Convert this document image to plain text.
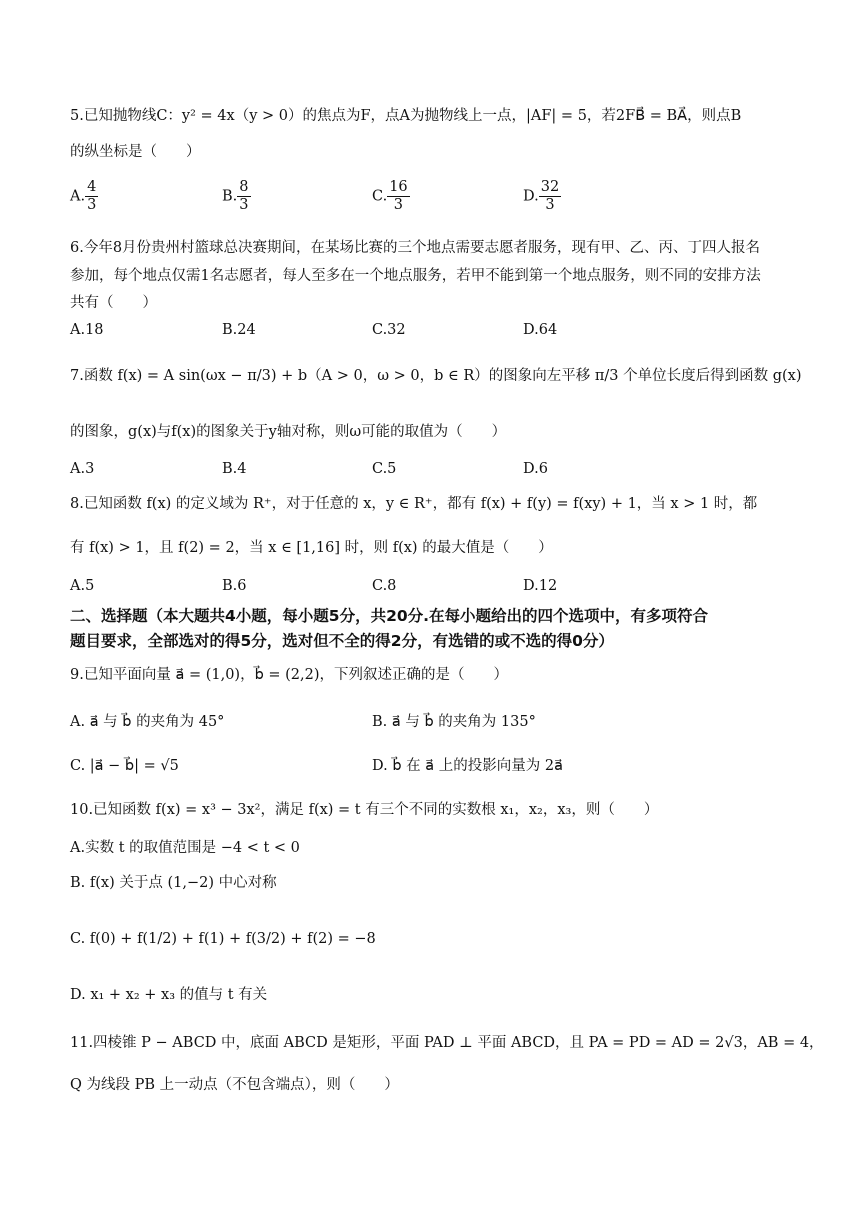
5.已知抛物线C：y² = 4x（y > 0）的焦点为F，点A为抛物线上一点，|AF| = 5，若2FB⃗ = BA⃗，则点B
的纵坐标是（　　）
A. $\frac{4}{3}$	B. $\frac{8}{3}$	C. $\frac{16}{3}$	D. $\frac{32}{3}$
6.今年8月份贵州村篮球总决赛期间，在某场比赛的三个地点需要志愿者服务，现有甲、乙、丙、丁四人报名
参加，每个地点仅需1名志愿者，每人至多在一个地点服务，若甲不能到第一个地点服务，则不同的安排方法
共有（　　）
A.18	B.24	C.32	D.64
7.函数 f(x) = A sin(ωx − π/3) + b（A > 0，ω > 0，b ∈ R）的图象向左平移 π/3 个单位长度后得到函数 g(x)
的图象，g(x)与f(x)的图象关于y轴对称，则ω可能的取值为（　　）
A.3	B.4	C.5	D.6
8.已知函数 f(x) 的定义域为 R⁺，对于任意的 x，y ∈ R⁺，都有 f(x) + f(y) = f(xy) + 1，当 x > 1 时，都
有 f(x) > 1，且 f(2) = 2，当 x ∈ [1,16] 时，则 f(x) 的最大值是（　　）
A.5	B.6	C.8	D.12
二、选择题（本大题共4小题，每小题5分，共20分.在每小题给出的四个选项中，有多项符合
题目要求，全部选对的得5分，选对但不全的得2分，有选错的或不选的得0分）
9.已知平面向量 a⃗ = (1,0)，b⃗ = (2,2)，下列叙述正确的是（　　）
A. a⃗ 与 b⃗ 的夹角为 45°	B. a⃗ 与 b⃗ 的夹角为 135°
C. |a⃗ − b⃗| = √5	D. b⃗ 在 a⃗ 上的投影向量为 2a⃗
10.已知函数 f(x) = x³ − 3x²，满足 f(x) = t 有三个不同的实数根 x₁，x₂，x₃，则（　　）
A.实数 t 的取值范围是 −4 < t < 0
B. f(x) 关于点 (1,−2) 中心对称
C. f(0) + f(1/2) + f(1) + f(3/2) + f(2) = −8
D. x₁ + x₂ + x₃ 的值与 t 有关
11.四棱锥 P − ABCD 中，底面 ABCD 是矩形，平面 PAD ⊥ 平面 ABCD，且 PA = PD = AD = 2√3，AB = 4，
Q 为线段 PB 上一动点（不包含端点），则（　　）
